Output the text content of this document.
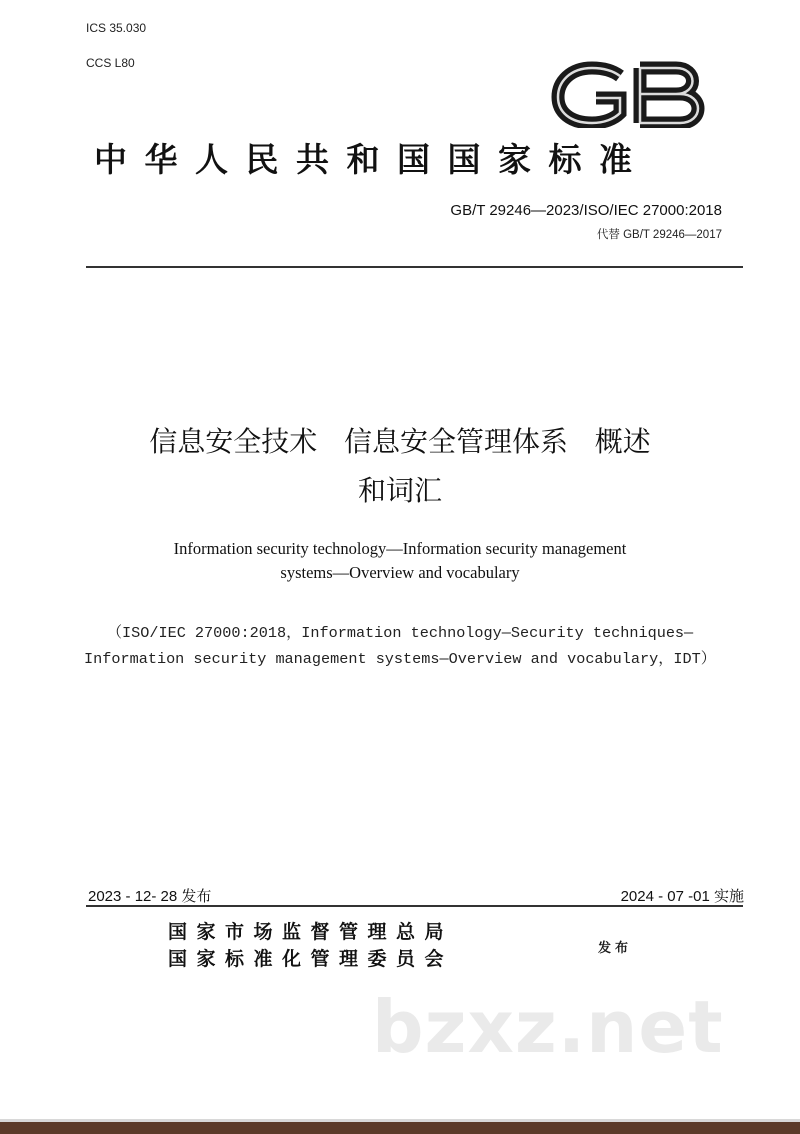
ICS 35.030
CCS L80
中华人民共和国国家标准
GB/T 29246—2023/ISO/IEC 27000:2018
代替 GB/T 29246—2017
信息安全技术   信息安全管理体系   概述
和词汇
Information security technology—Information security management
systems—Overview and vocabulary
（ISO/IEC 27000:2018，Information technology—Security techniques—
Information security management systems—Overview and vocabulary，IDT）
2023 - 12- 28 发布	2024 - 07 -01 实施
国家市场监督管理总局
国家标准化管理委员会	发布
bzxz.net
